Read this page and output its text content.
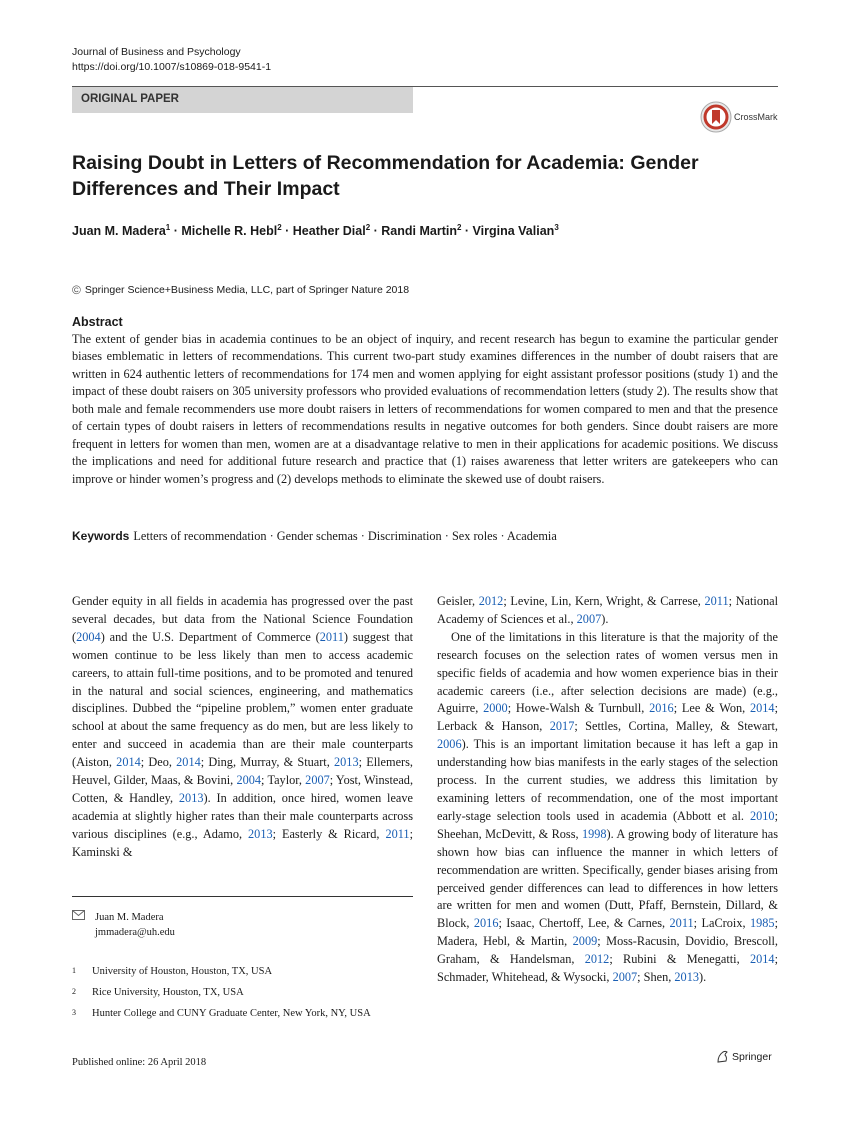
Journal of Business and Psychology
https://doi.org/10.1007/s10869-018-9541-1
ORIGINAL PAPER
CrossMark
Raising Doubt in Letters of Recommendation for Academia: Gender
Differences and Their Impact
Juan M. Madera$^1$ · Michelle R. Hebl$^2$ · Heather Dial$^2$ · Randi Martin$^2$ · Virgina Valian$^3$
© Springer Science+Business Media, LLC, part of Springer Nature 2018
Abstract
The extent of gender bias in academia continues to be an object of inquiry, and recent research has begun to examine the particular gender biases emblematic in letters of recommendations. This current two-part study examines differences in the number of doubt raisers that are written in 624 authentic letters of recommendations for 174 men and women applying for eight assistant professor positions (study 1) and the impact of these doubt raisers on 305 university professors who provided evaluations of recommendation letters (study 2). The results show that both male and female recommenders use more doubt raisers in letters of recommendations for women compared to men and that the presence of certain types of doubt raisers in letters of recommendations results in negative outcomes for both genders. Since doubt raisers are more frequent in letters for women than men, women are at a disadvantage relative to men in their applications for academic positions. We discuss the implications and need for additional future research and practice that (1) raises awareness that letter writers are gatekeepers who can improve or hinder women’s progress and (2) develops methods to eliminate the skewed use of doubt raisers.
Keywords Letters of recommendation · Gender schemas · Discrimination · Sex roles · Academia

Gender equity in all fields in academia has progressed over the past several decades, but data from the National Science Foundation (2004) and the U.S. Department of Commerce (2011) suggest that women continue to be less likely than men to access academic careers, to attain full-time positions, and to be promoted and tenured in the natural and social sciences, engineering, and mathematics disciplines. Dubbed the “pipeline problem,” women enter graduate school at about the same frequency as do men, but are less likely to enter and succeed in academia than are their male counterparts (Aiston, 2014; Deo, 2014; Ding, Murray, & Stuart, 2013; Ellemers, Heuvel, Gilder, Maas, & Bovini, 2004; Taylor, 2007; Yost, Winstead, Cotten, & Handley, 2013). In addition, once hired, women leave academia at slightly higher rates than their male counterparts across various disciplines (e.g., Adamo, 2013; Easterly & Ricard, 2011; Kaminski &

Geisler, 2012; Levine, Lin, Kern, Wright, & Carrese, 2011; National Academy of Sciences et al., 2007).

One of the limitations in this literature is that the majority of the research focuses on the selection rates of women versus men in specific fields of academia and how women experience bias in their academic careers (i.e., after selection decisions are made) (e.g., Aguirre, 2000; Howe-Walsh & Turnbull, 2016; Lee & Won, 2014; Lerback & Hanson, 2017; Settles, Cortina, Malley, & Stewart, 2006). This is an important limitation because it has left a gap in understanding how bias manifests in the early stages of the selection process. In the current studies, we address this limitation by examining letters of recommendation, one of the most important early-stage selection tools used in academia (Abbott et al. 2010; Sheehan, McDevitt, & Ross, 1998). A growing body of literature has shown how bias can influence the manner in which letters of recommendation are written. Specifically, gender biases arising from perceived gender differences can lead to differences in how letters are written for men and women (Dutt, Pfaff, Bernstein, Dillard, & Block, 2016; Isaac, Chertoff, Lee, & Carnes, 2011; LaCroix, 1985; Madera, Hebl, & Martin, 2009; Moss-Racusin, Dovidio, Brescoll, Graham, & Handelsman, 2012; Rubini & Menegatti, 2014; Schmader, Whitehead, & Wysocki, 2007; Shen, 2013).

Juan M. Madera
jmmadera@uh.edu
1	University of Houston, Houston, TX, USA
2	Rice University, Houston, TX, USA
3	Hunter College and CUNY Graduate Center, New York, NY, USA
Published online: 26 April 2018	Springer
